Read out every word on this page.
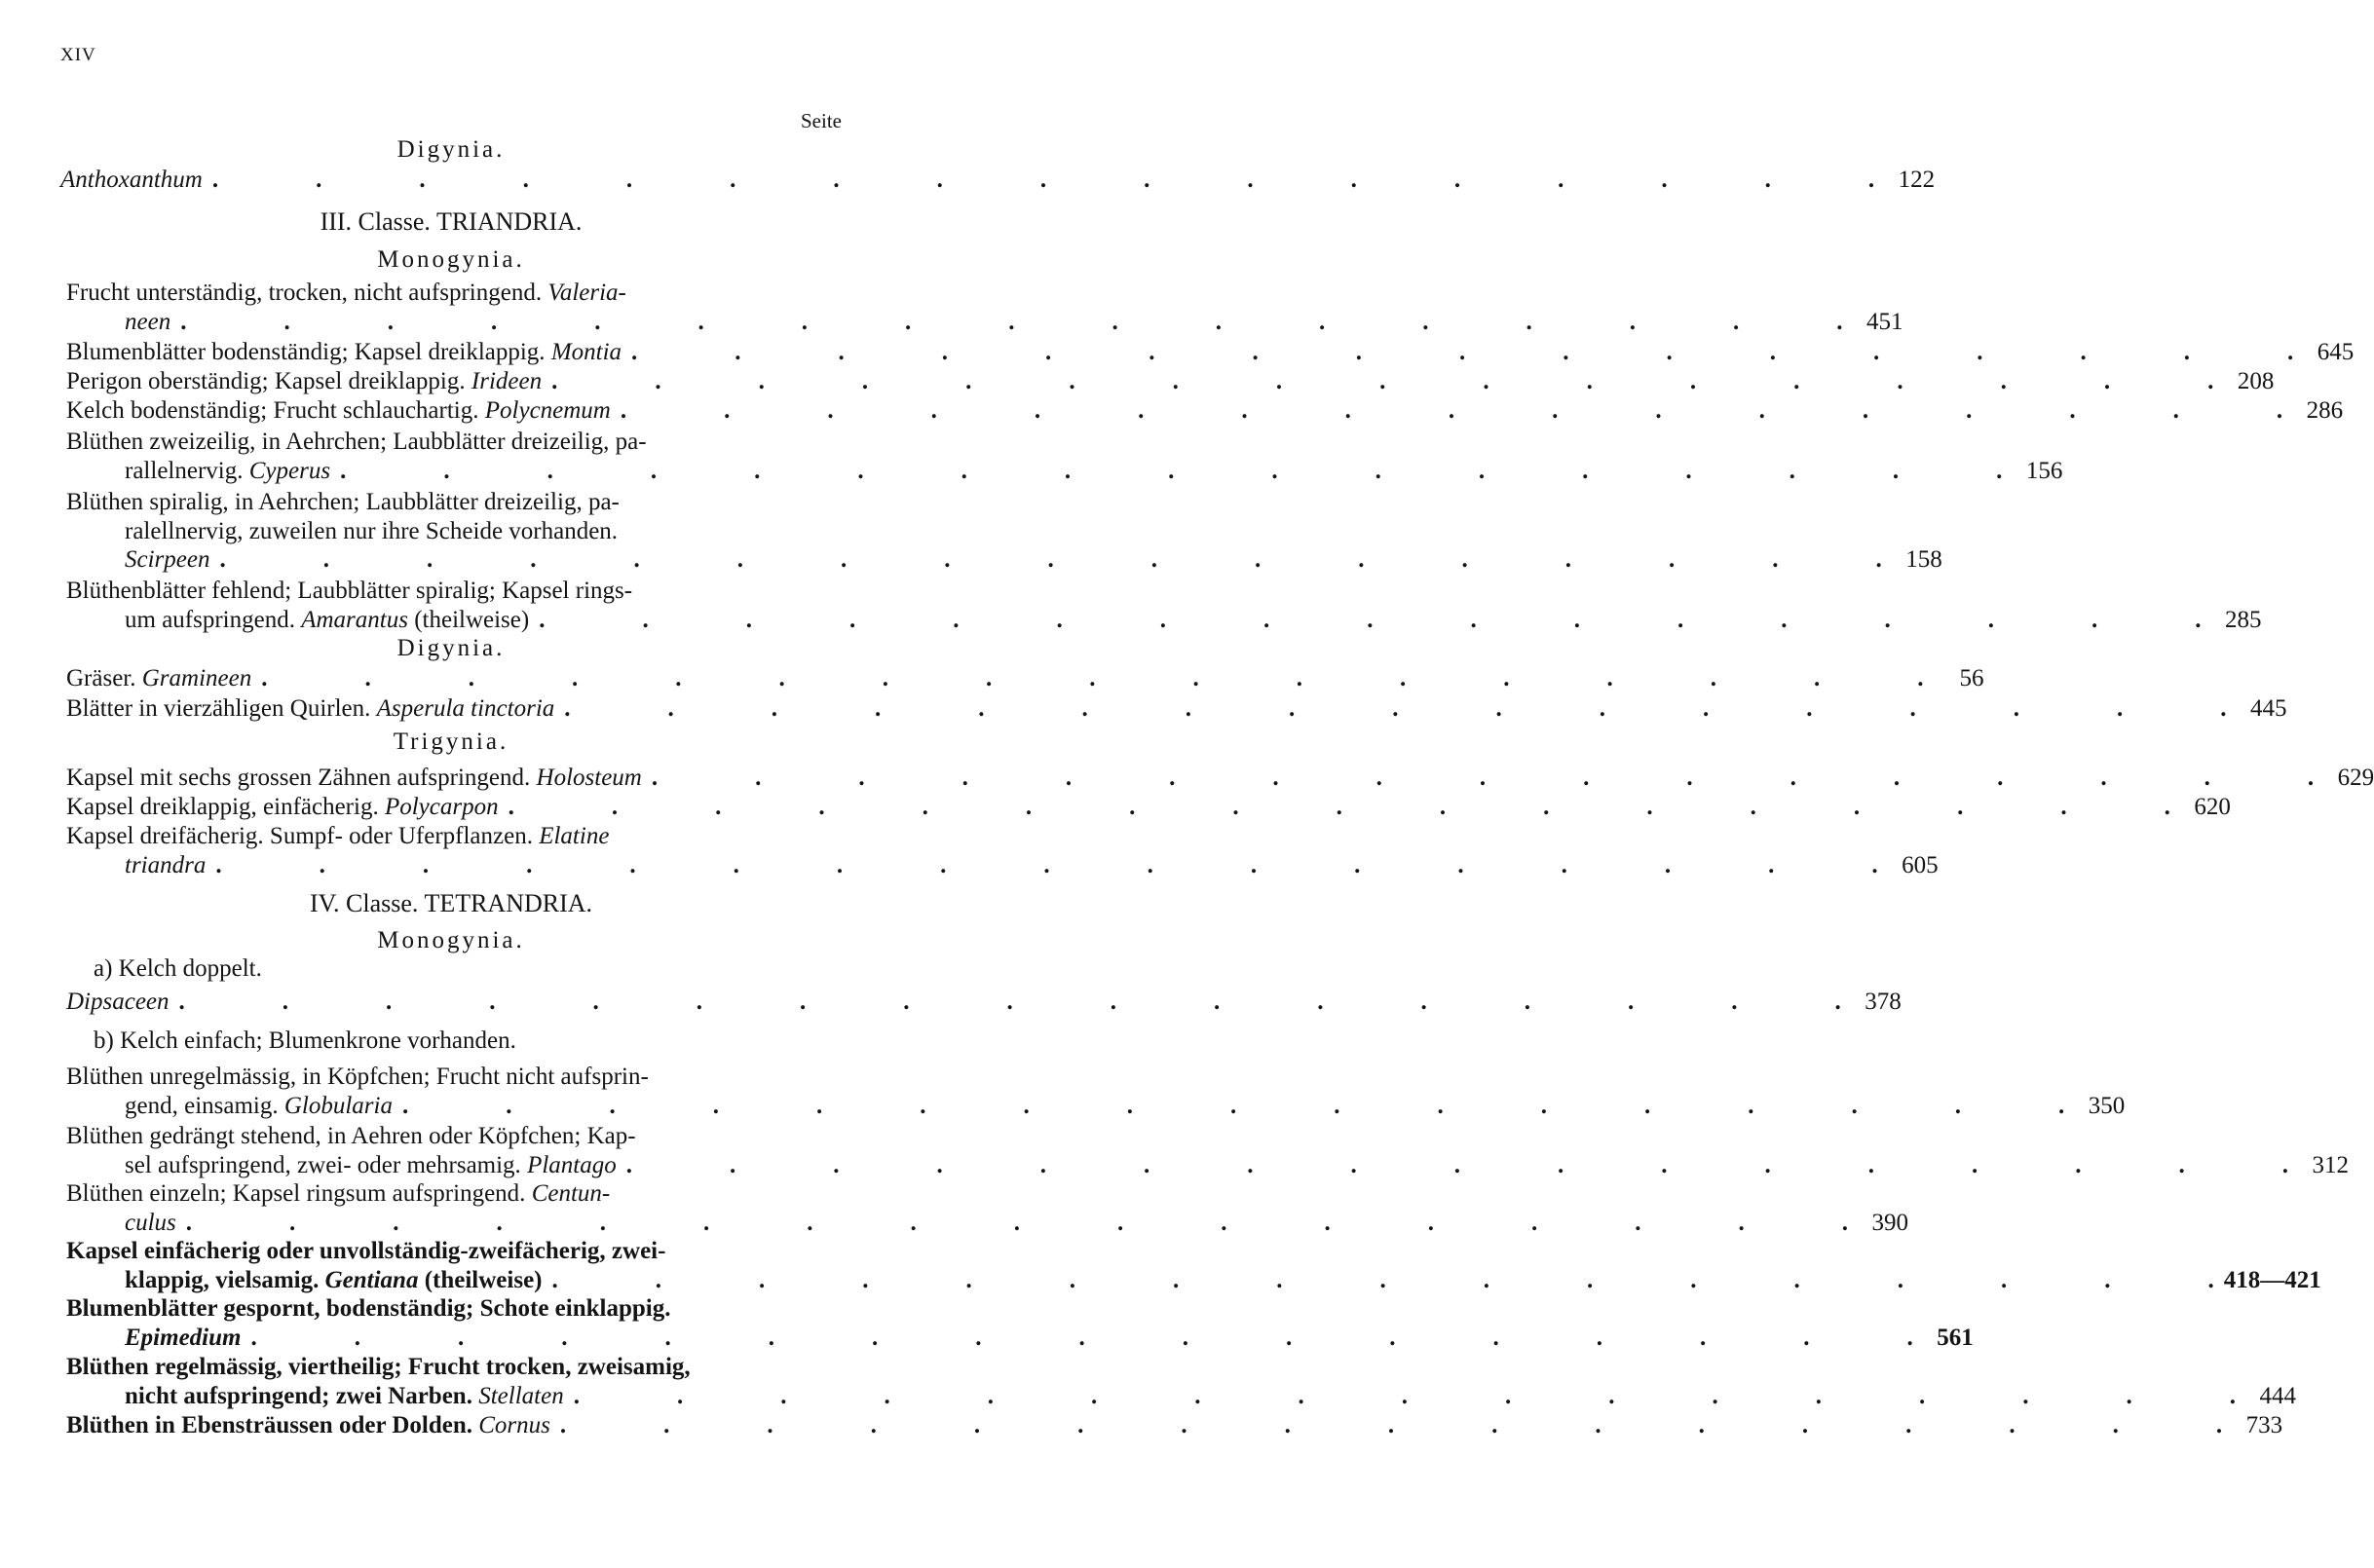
XIV
Seite
Digynia.
Anthoxanthum .	122
III. Classe. TRIANDRIA.
Monogynia.
Frucht unterständig, trocken, nicht aufspringend. Valeria-
neen .	451
Blumenblätter bodenständig; Kapsel dreiklappig. Montia .	645
Perigon oberständig; Kapsel dreiklappig. Irideen .	208
Kelch bodenständig; Frucht schlauchartig. Polycnemum .	286
Blüthen zweizeilig, in Aehrchen; Laubblätter dreizeilig, pa-
rallelnervig. Cyperus .	156
Blüthen spiralig, in Aehrchen; Laubblätter dreizeilig, pa-
ralellnervig, zuweilen nur ihre Scheide vorhanden.
Scirpeen .	158
Blüthenblätter fehlend; Laubblätter spiralig; Kapsel rings-
um aufspringend. Amarantus (theilweise) .	285
Digynia.
Gräser. Gramineen .	56
Blätter in vierzähligen Quirlen. Asperula tinctoria .	445
Trigynia.
Kapsel mit sechs grossen Zähnen aufspringend. Holosteum .	629
Kapsel dreiklappig, einfächerig. Polycarpon .	620
Kapsel dreifächerig. Sumpf- oder Uferpflanzen. Elatine
triandra .	605
IV. Classe. TETRANDRIA.
Monogynia.
a) Kelch doppelt.
Dipsaceen .	378
b) Kelch einfach; Blumenkrone vorhanden.
Blüthen unregelmässig, in Köpfchen; Frucht nicht aufsprin-
gend, einsamig. Globularia .	350
Blüthen gedrängt stehend, in Aehren oder Köpfchen; Kap-
sel aufspringend, zwei- oder mehrsamig. Plantago .	312
Blüthen einzeln; Kapsel ringsum aufspringend. Centun-
culus .	390
Kapsel einfächerig oder unvollständig-zweifächerig, zwei-
klappig, vielsamig. Gentiana (theilweise) .	418—421
Blumenblätter gespornt, bodenständig; Schote einklappig.
Epimedium .	561
Blüthen regelmässig, viertheilig; Frucht trocken, zweisamig,
nicht aufspringend; zwei Narben. Stellaten .	444
Blüthen in Ebensträussen oder Dolden. Cornus .	733
